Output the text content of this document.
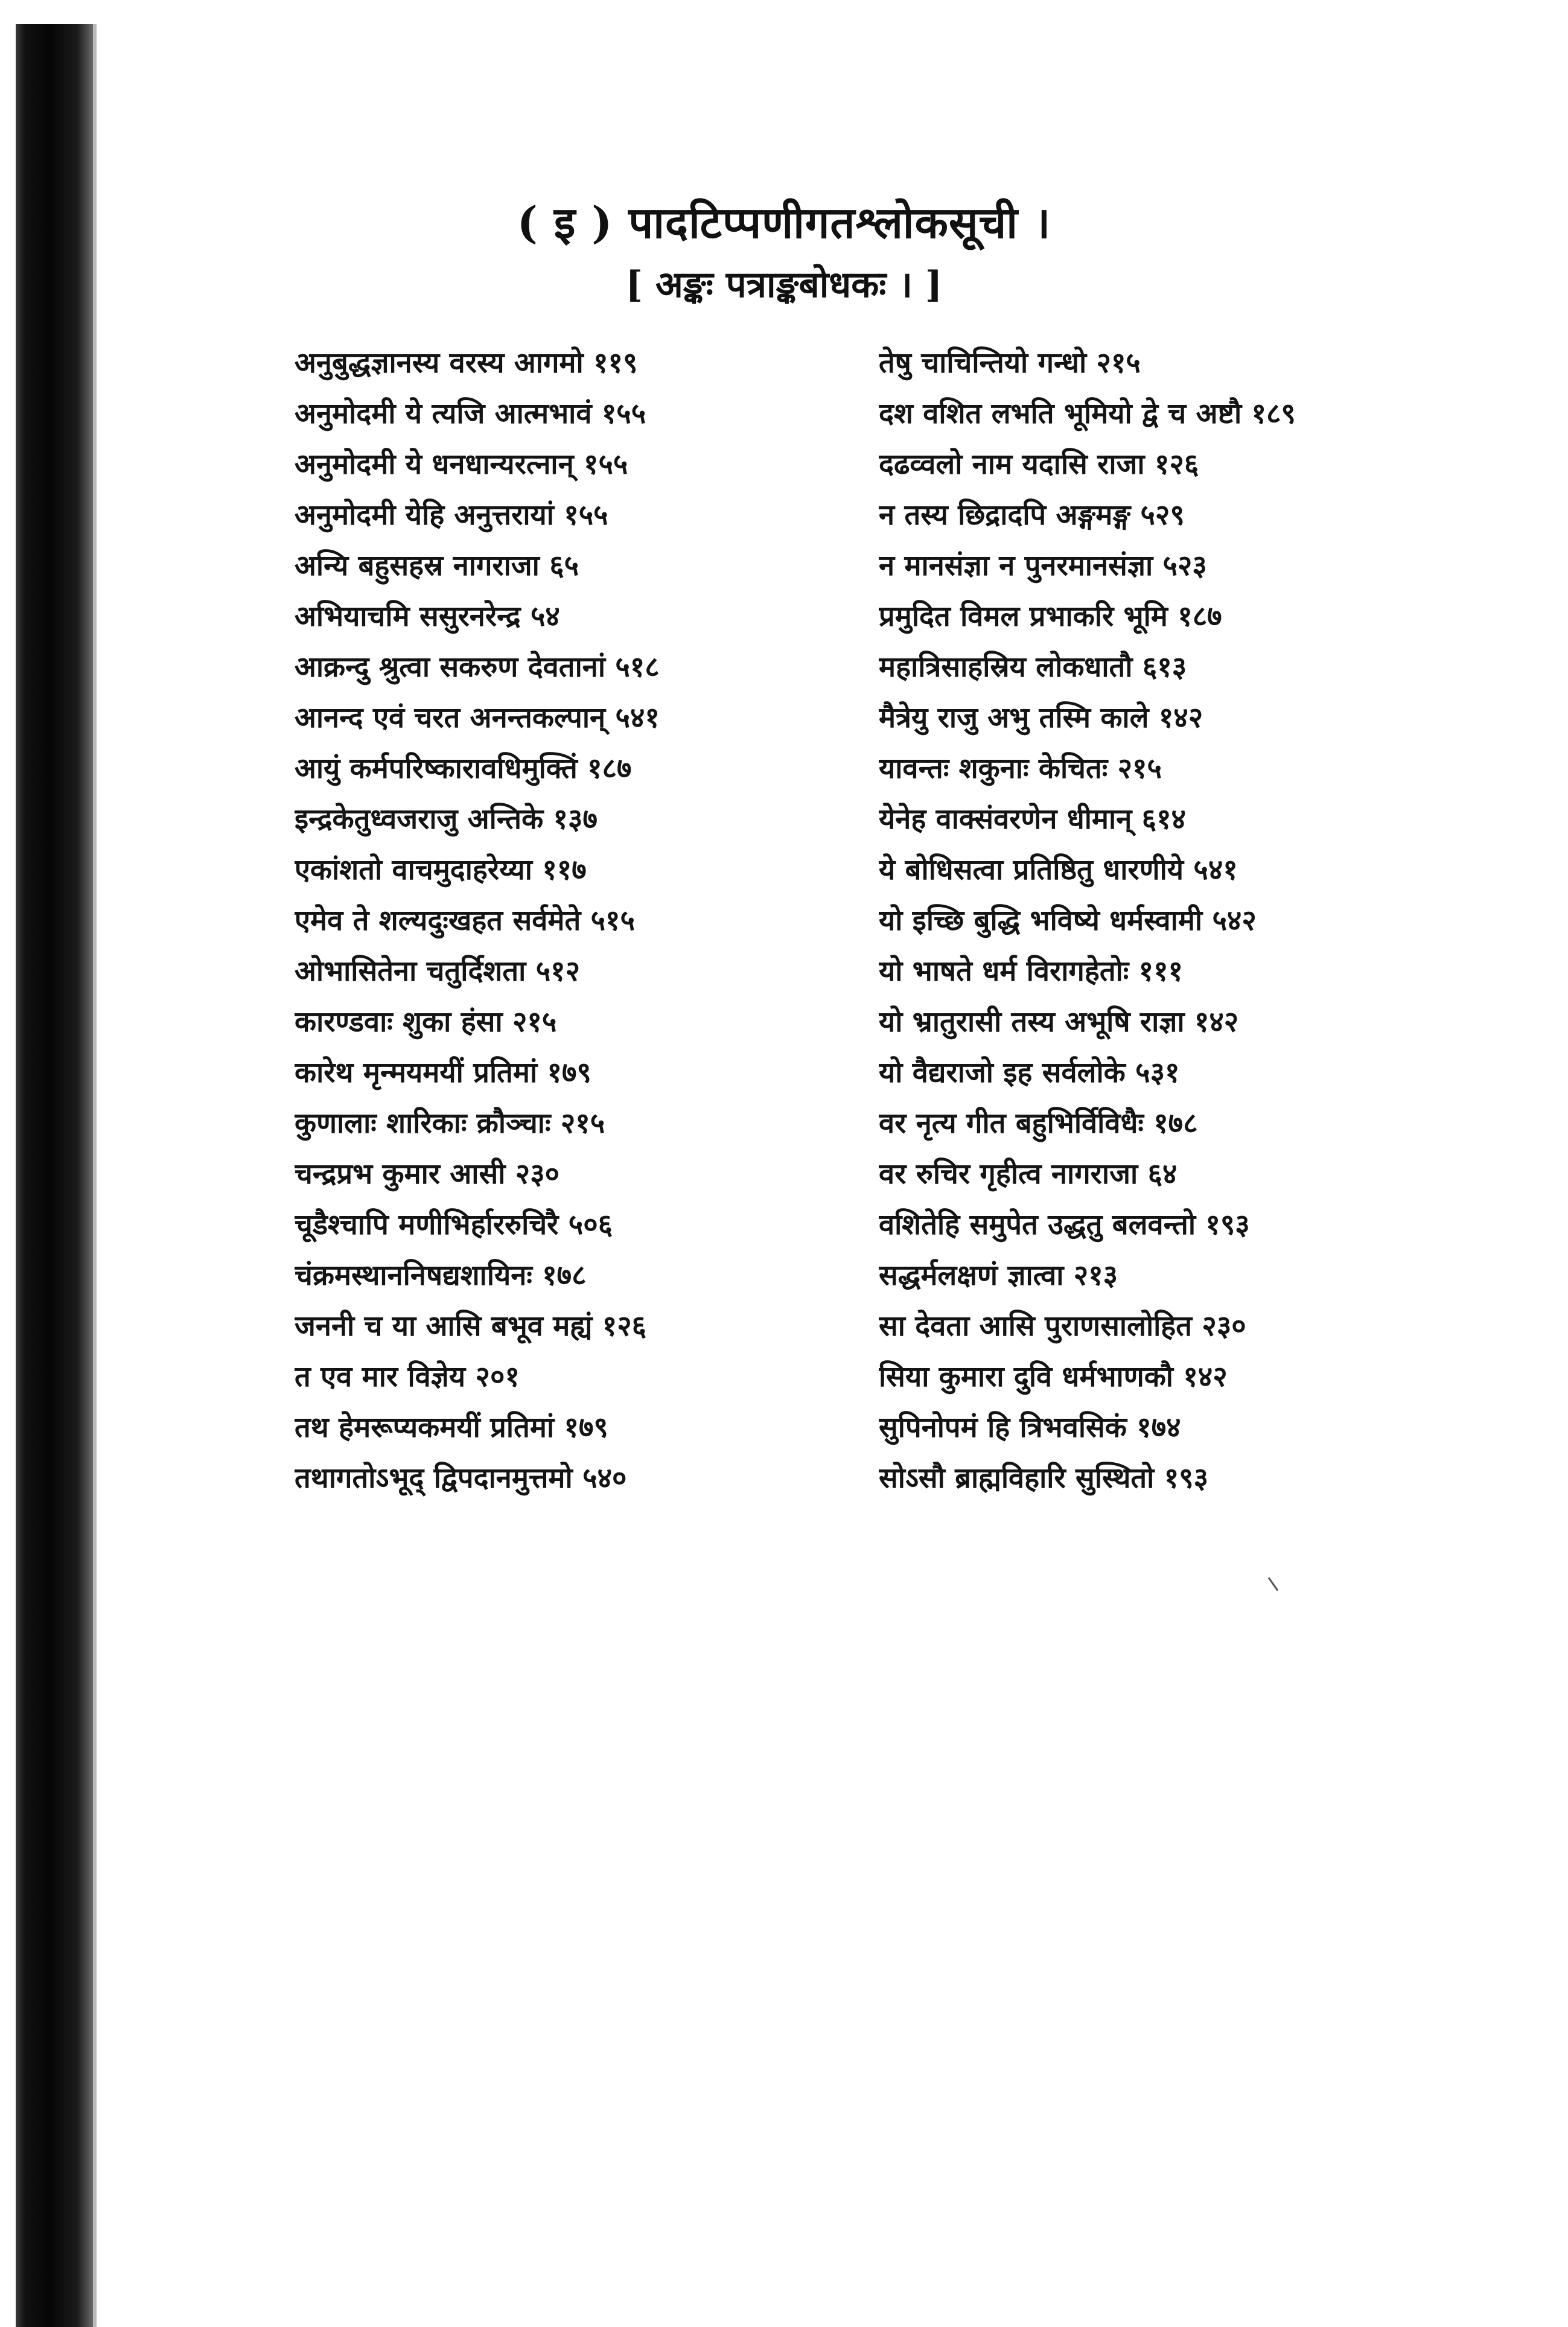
( इ ) पादटिप्पणीगतश्लोकसूची ।
[ अङ्कः पत्राङ्कबोधकः । ]
अनुबुद्धज्ञानस्य वरस्य आगमो ११९
अनुमोदमी ये त्यजि आत्मभावं १५५
अनुमोदमी ये धनधान्यरत्नान् १५५
अनुमोदमी येहि अनुत्तरायां १५५
अन्यि बहुसहस्र नागराजा ६५
अभियाचमि ससुरनरेन्द्र ५४
आक्रन्दु श्रुत्वा सकरुण देवतानां ५१८
आनन्द एवं चरत अनन्तकल्पान् ५४१
आयुं कर्मपरिष्कारावधिमुक्तिं १८७
इन्द्रकेतुध्वजराजु अन्तिके १३७
एकांशतो वाचमुदाहरेय्या ११७
एमेव ते शल्यदुःखहत सर्वमेते ५१५
ओभासितेना चतुर्दिशता ५१२
कारण्डवाः शुका हंसा २१५
कारेथ मृन्मयमयीं प्रतिमां १७९
कुणालाः शारिकाः क्रौञ्चाः २१५
चन्द्रप्रभ कुमार आसी २३०
चूडैश्चापि मणीभिर्हाररुचिरै ५०६
चंक्रमस्थाननिषद्यशायिनः १७८
जननी च या आसि बभूव मह्यं १२६
त एव मार विज्ञेय २०१
तथ हेमरूप्यकमयीं प्रतिमां १७९
तथागतोऽभूद् द्विपदानमुत्तमो ५४०
तेषु चाचिन्तियो गन्धो २१५
दश वशित लभति भूमियो द्वे च अष्टौ १८९
दढव्वलो नाम यदासि राजा १२६
न तस्य छिद्रादपि अङ्गमङ्ग ५२९
न मानसंज्ञा न पुनरमानसंज्ञा ५२३
प्रमुदित विमल प्रभाकरि भूमि १८७
महात्रिसाहस्रिय लोकधातौ ६१३
मैत्रेयु राजु अभु तस्मि काले १४२
यावन्तः शकुनाः केचितः २१५
येनेह वाक्संवरणेन धीमान् ६१४
ये बोधिसत्वा प्रतिष्ठितु धारणीये ५४१
यो इच्छि बुद्धि भविष्ये धर्मस्वामी ५४२
यो भाषते धर्म विरागहेतोः १११
यो भ्रातुरासी तस्य अभूषि राज्ञा १४२
यो वैद्यराजो इह सर्वलोके ५३१
वर नृत्य गीत बहुभिर्विविधैः १७८
वर रुचिर गृहीत्व नागराजा ६४
वशितेहि समुपेत उद्धतु बलवन्तो १९३
सद्धर्मलक्षणं ज्ञात्वा २१३
सा देवता आसि पुराणसालोहित २३०
सिया कुमारा दुवि धर्मभाणकौ १४२
सुपिनोपमं हि त्रिभवसिकं १७४
सोऽसौ ब्राह्मविहारि सुस्थितो १९३
